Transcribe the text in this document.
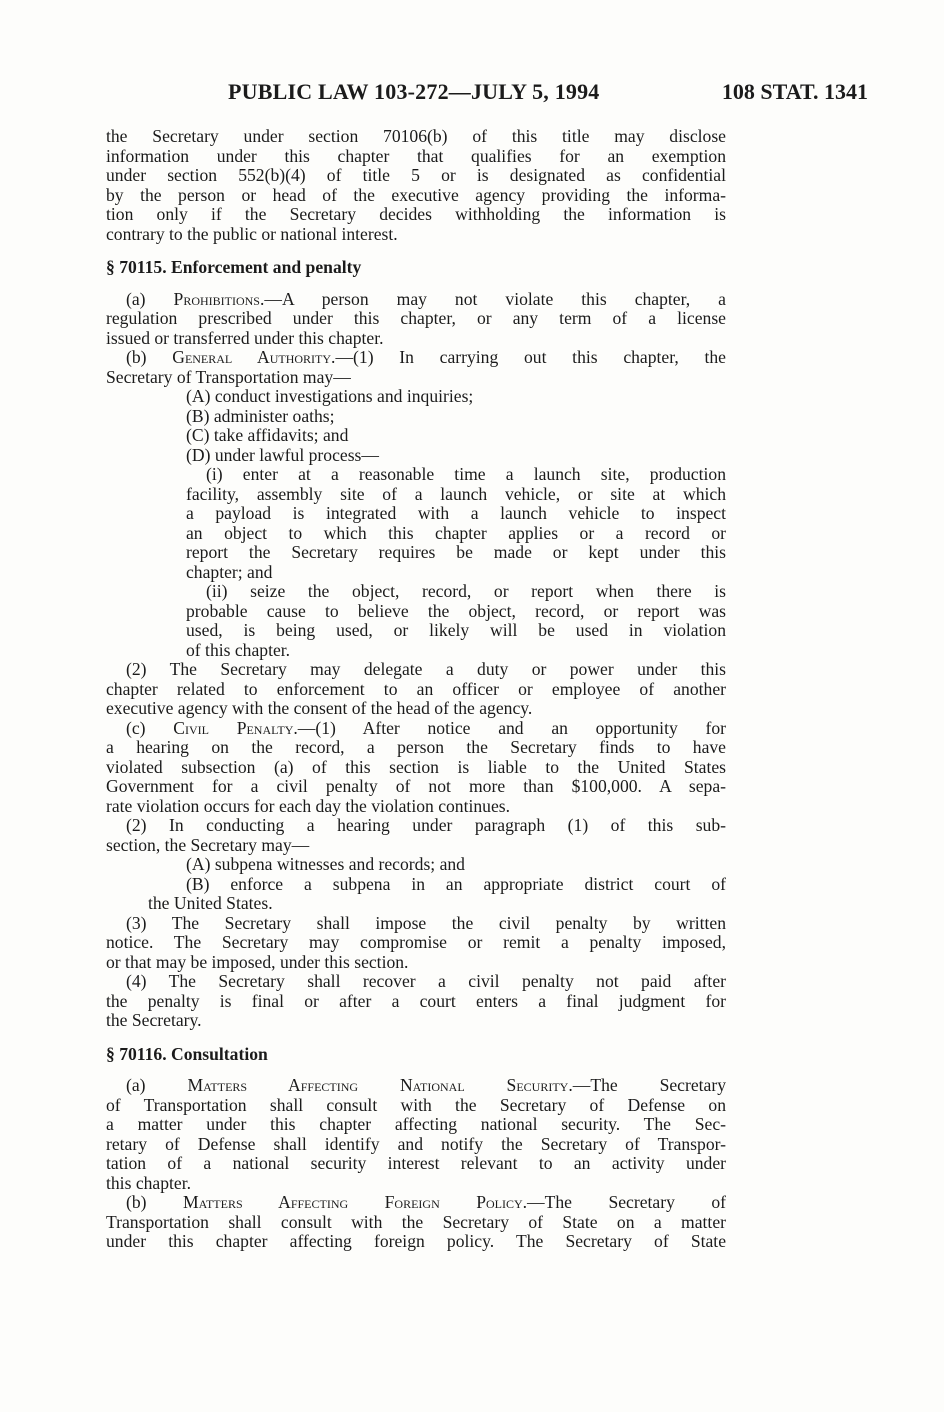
PUBLIC LAW 103-272—JULY 5, 1994	108 STAT. 1341
the Secretary under section 70106(b) of this title may disclose
information under this chapter that qualifies for an exemption
under section 552(b)(4) of title 5 or is designated as confidential
by the person or head of the executive agency providing the informa-
tion only if the Secretary decides withholding the information is
contrary to the public or national interest.
§ 70115. Enforcement and penalty
(a) Prohibitions.—A person may not violate this chapter, a
regulation prescribed under this chapter, or any term of a license
issued or transferred under this chapter.
(b) General Authority.—(1) In carrying out this chapter, the
Secretary of Transportation may—
(A) conduct investigations and inquiries;
(B) administer oaths;
(C) take affidavits; and
(D) under lawful process—
(i) enter at a reasonable time a launch site, production
facility, assembly site of a launch vehicle, or site at which
a payload is integrated with a launch vehicle to inspect
an object to which this chapter applies or a record or
report the Secretary requires be made or kept under this
chapter; and
(ii) seize the object, record, or report when there is
probable cause to believe the object, record, or report was
used, is being used, or likely will be used in violation
of this chapter.
(2) The Secretary may delegate a duty or power under this
chapter related to enforcement to an officer or employee of another
executive agency with the consent of the head of the agency.
(c) Civil Penalty.—(1) After notice and an opportunity for
a hearing on the record, a person the Secretary finds to have
violated subsection (a) of this section is liable to the United States
Government for a civil penalty of not more than $100,000. A sepa-
rate violation occurs for each day the violation continues.
(2) In conducting a hearing under paragraph (1) of this sub-
section, the Secretary may—
(A) subpena witnesses and records; and
(B) enforce a subpena in an appropriate district court of
the United States.
(3) The Secretary shall impose the civil penalty by written
notice. The Secretary may compromise or remit a penalty imposed,
or that may be imposed, under this section.
(4) The Secretary shall recover a civil penalty not paid after
the penalty is final or after a court enters a final judgment for
the Secretary.
§ 70116. Consultation
(a) Matters Affecting National Security.—The Secretary
of Transportation shall consult with the Secretary of Defense on
a matter under this chapter affecting national security. The Sec-
retary of Defense shall identify and notify the Secretary of Transpor-
tation of a national security interest relevant to an activity under
this chapter.
(b) Matters Affecting Foreign Policy.—The Secretary of
Transportation shall consult with the Secretary of State on a matter
under this chapter affecting foreign policy. The Secretary of State
